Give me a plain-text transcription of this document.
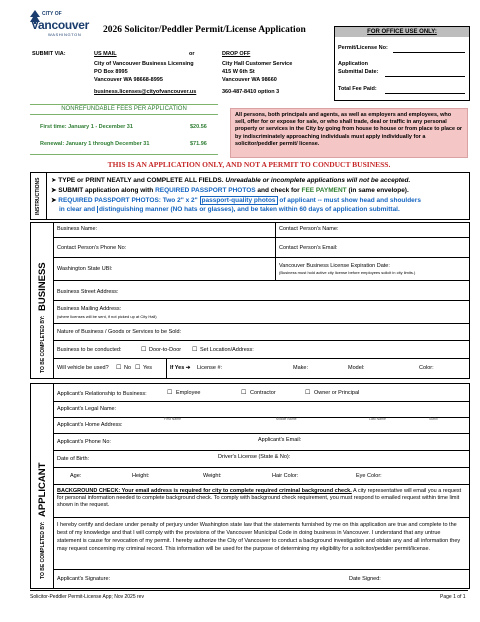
CITY OF
Vancouver
WASHINGTON 2026 Solicitor/Peddler Permit/License Application
SUBMIT VIA:	US MAIL	or	DROP OFF
City of Vancouver Business Licensing
PO Box 8995
Vancouver WA 98668-8995
business.licenses@cityofvancouver.us
City Hall Customer Service
415 W 6th St
Vancouver WA 98660
360-487-8410 option 3
FOR OFFICE USE ONLY:
Permit/License No:
Application
Submittal Date:
Total Fee Paid:
NONREFUNDABLE FEES PER APPLICATION
First time: January 1 - December 31	$20.56
Renewal: January 1 through December 31	$71.96
All persons, both principals and agents, as well as employers and employees, who sell, offer for or expose for sale, or who shall trade, deal or traffic in any personal property or services in the City by going from house to house or from place to place or by indiscriminately approaching individuals must apply individually for a solicitor/peddler permit/ license.
THIS IS AN APPLICATION ONLY, AND NOT A PERMIT TO CONDUCT BUSINESS.
INSTRUCTIONS ➤ TYPE or PRINT NEATLY and COMPLETE ALL FIELDS. Unreadable or incomplete applications will not be accepted.
➤ SUBMIT application along with REQUIRED PASSPORT PHOTOS and check for FEE PAYMENT (in same envelope).
➤ REQUIRED PASSPORT PHOTOS: Two 2" x 2" passport-quality photos of applicant -- must show head and shoulders
in clear and distinguishing manner (NO hats or glasses), and be taken within 60 days of application submittal.
TO BE COMPLETED BY: BUSINESS
Business Name:	Contact Person's Name:
Contact Person's Phone No:	Contact Person's Email:
Washington State UBI:	Vancouver Business License Expiration Date:
(Business must hold active city license before employees solicit in city limits.)
Business Street Address:
Business Mailing Address:
(where licenses will be sent, if not picked up at City Hall)
Nature of Business / Goods or Services to be Sold:
Business to be conducted:	☐ Door-to-Door ☐ Set Location/Address:
Will vehicle be used? ☐ No ☐ Yes	If Yes ➔ License #:	Make:	Model:	Color:
TO BE COMPLETED BY: APPLICANT
Applicant's Relationship to Business:	☐ Employee	☐ Contractor	☐ Owner or Principal
Applicant's Legal Name:
First Name	Middle Name	Last Name	Suffix
Applicant's Home Address:
Applicant's Phone No:	Applicant's Email:
Date of Birth:	Driver's License (State & No):
Age:	Height:	Weight:	Hair Color:	Eye Color:
BACKGROUND CHECK: Your email address is required for city to complete required criminal background check. A city representative will email you a request for personal information needed to complete background check. To comply with background check requirement, you must respond to emailed request within time limit shown in the request.
I hereby certify and declare under penalty of perjury under Washington state law that the statements furnished by me on this application are true and complete to the best of my knowledge and that I will comply with the provisions of the Vancouver Municipal Code in doing business in Vancouver. I understand that any untrue statement is cause for revocation of my permit. I hereby authorize the City of Vancouver to conduct a background investigation and obtain any and all information they may request concerning my criminal record. This information will be used for the purpose of determining my eligibility for a solicitor/peddler permit/license.
Applicant's Signature:	Date Signed:
Solicitor-Peddler Permit-License App; Nov 2025 rev	Page 1 of 1
